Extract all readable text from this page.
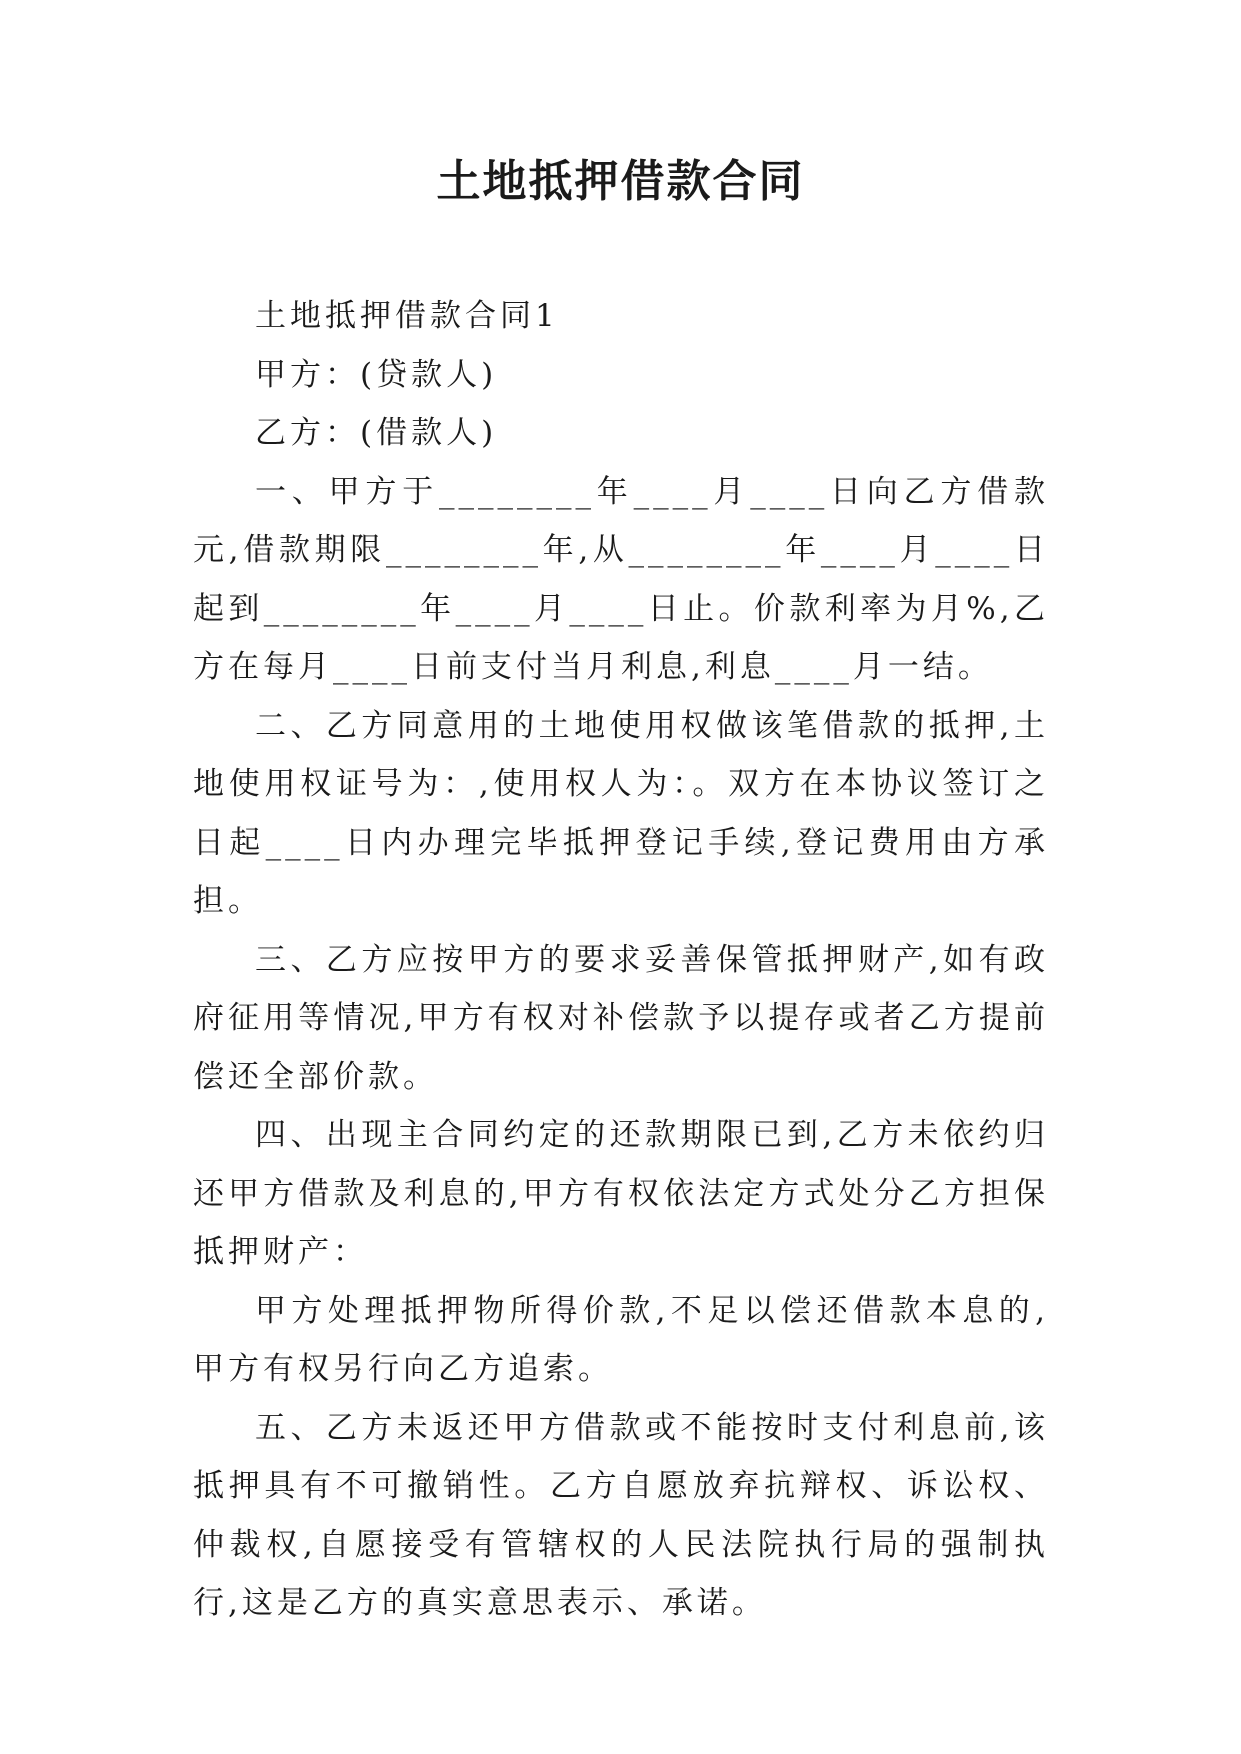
土地抵押借款合同

土地抵押借款合同1

甲方：(贷款人)

乙方：(借款人)

一、甲方于________年____月____日向乙方借款元,借款期限________年,从________年____月____日起到________年____月____日止。价款利率为月%,乙方在每月____日前支付当月利息,利息____月一结。

二、乙方同意用的土地使用权做该笔借款的抵押,土地使用权证号为：,使用权人为：。双方在本协议签订之日起____日内办理完毕抵押登记手续,登记费用由方承担。

三、乙方应按甲方的要求妥善保管抵押财产,如有政府征用等情况,甲方有权对补偿款予以提存或者乙方提前偿还全部价款。

四、出现主合同约定的还款期限已到,乙方未依约归还甲方借款及利息的,甲方有权依法定方式处分乙方担保抵押财产：

甲方处理抵押物所得价款,不足以偿还借款本息的,甲方有权另行向乙方追索。

五、乙方未返还甲方借款或不能按时支付利息前,该抵押具有不可撤销性。乙方自愿放弃抗辩权、诉讼权、仲裁权,自愿接受有管辖权的人民法院执行局的强制执行,这是乙方的真实意思表示、承诺。
